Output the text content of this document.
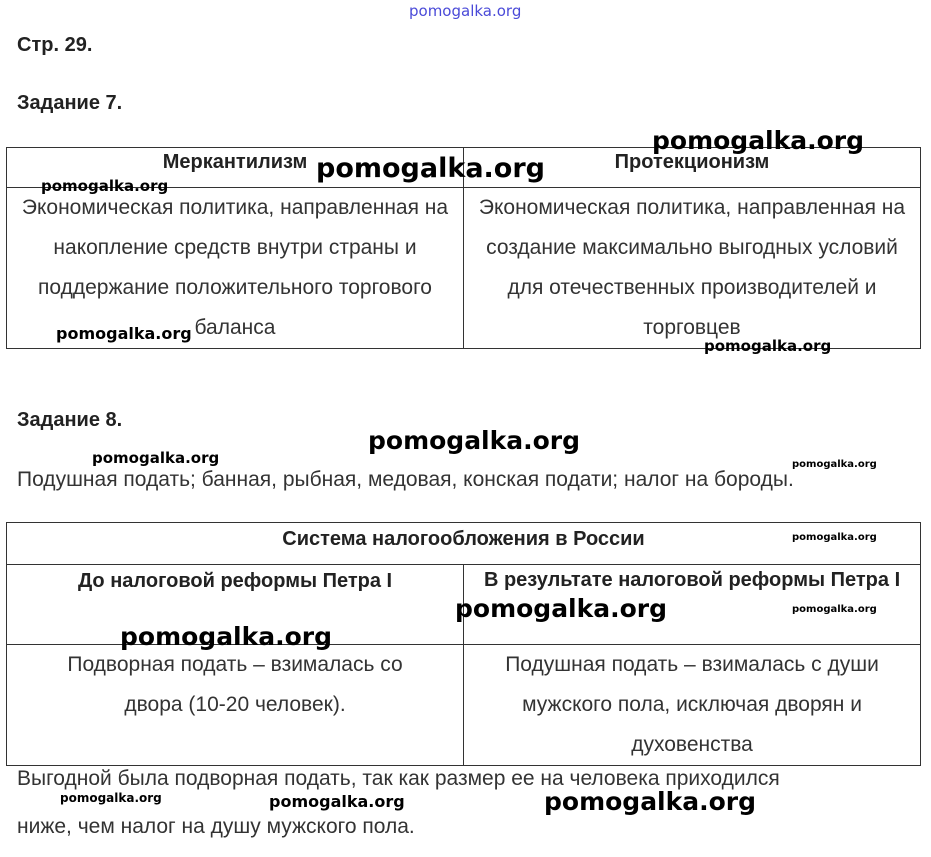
pomogalka.org
Стр. 29.
Задание 7.
Меркантилизм	Протекционизм

Экономическая политика, направленная на накопление средств внутри страны и поддержание положительного торгового баланса	Экономическая политика, направленная на создание максимально выгодных условий для отечественных производителей и торговцев
Задание 8.
Подушная подать; банная, рыбная, медовая, конская подати; налог на бороды.
Система налогообложения в России	

До налоговой реформы Петра I	В результате налоговой реформы Петра I

Подворная подать – взималась со двора (10-20 человек).	Подушная подать – взималась с души мужского пола, исключая дворян и духовенства
Выгодной была подворная подать, так как размер ее на человека приходился
ниже, чем налог на душу мужского пола.
pomogalka.org
pomogalka.org
pomogalka.org
pomogalka.org
pomogalka.org
pomogalka.org
pomogalka.org	pomogalka.org
pomogalka.org
pomogalka.org	pomogalka.org
pomogalka.org
pomogalka.org
pomogalka.org	pomogalka.org
